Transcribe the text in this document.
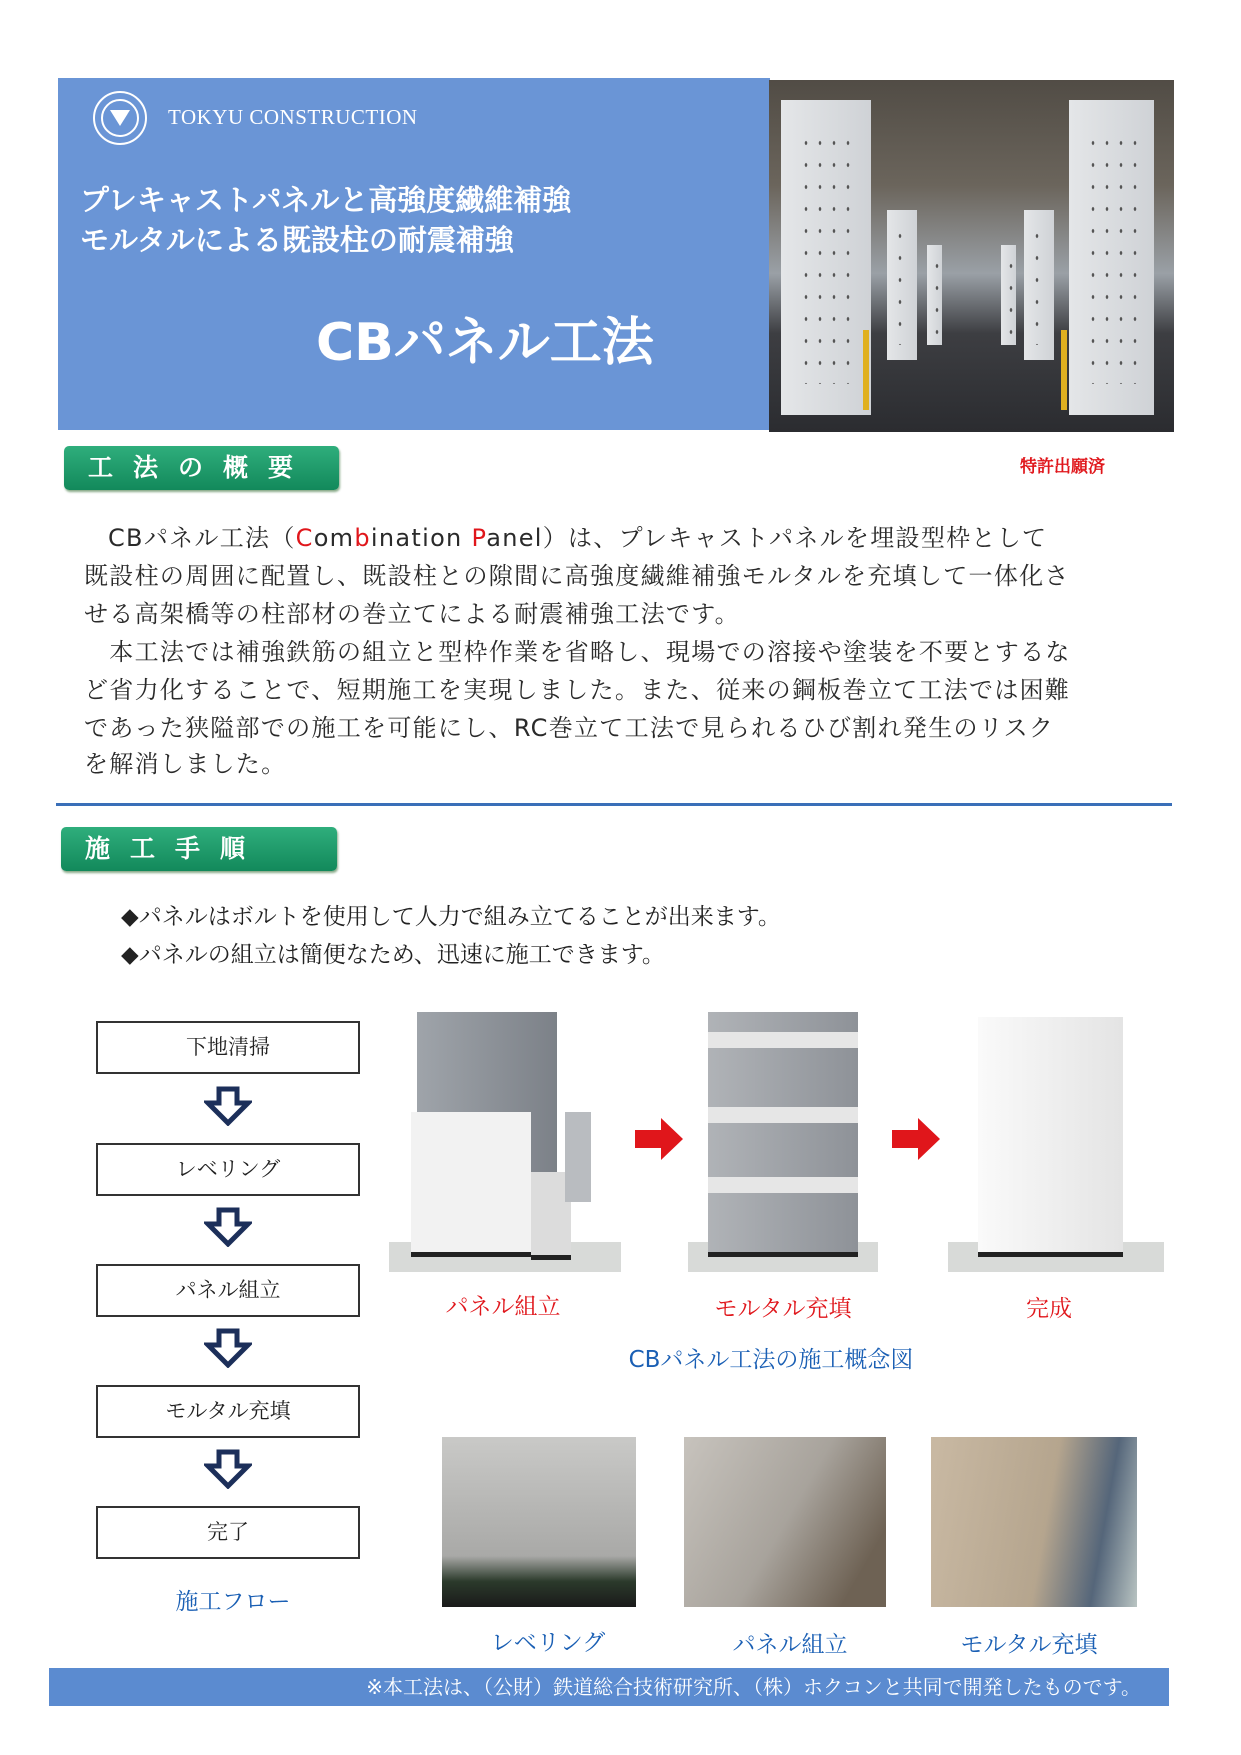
TOKYU CONSTRUCTION
プレキャストパネルと高強度繊維補強
モルタルによる既設柱の耐震補強
CBパネル工法
工法の概要	特許出願済
CBパネル工法（Combination Panel）は、プレキャストパネルを埋設型枠として
既設柱の周囲に配置し、既設柱との隙間に高強度繊維補強モルタルを充填して一体化さ
せる高架橋等の柱部材の巻立てによる耐震補強工法です。
　本工法では補強鉄筋の組立と型枠作業を省略し、現場での溶接や塗装を不要とするな
ど省力化することで、短期施工を実現しました。また、従来の鋼板巻立て工法では困難
であった狭隘部での施工を可能にし、RC巻立て工法で見られるひび割れ発生のリスク
を解消しました。
施工手順
◆パネルはボルトを使用して人力で組み立てることが出来ます。
◆パネルの組立は簡便なため、迅速に施工できます。
下地清掃
レベリング
パネル組立
モルタル充填
完了
施工フロー
パネル組立	モルタル充填	完成
CBパネル工法の施工概念図
レベリング	パネル組立	モルタル充填
※本工法は、（公財）鉄道総合技術研究所、（株）ホクコンと共同で開発したものです。
